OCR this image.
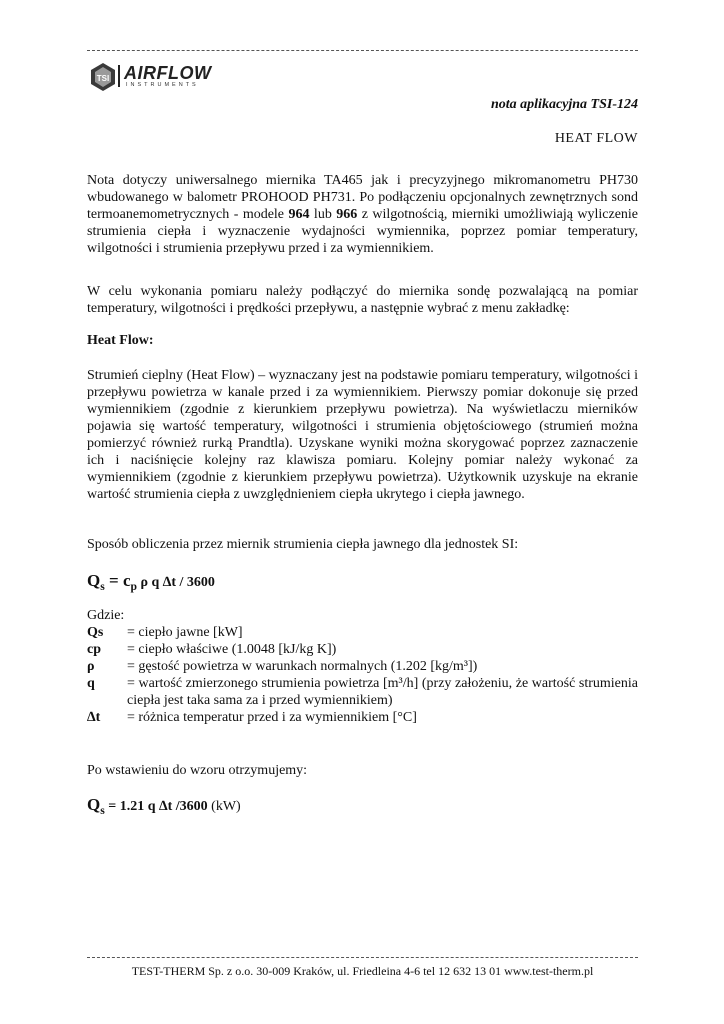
TSI AIRFLOW
INSTRUMENTS
nota aplikacyjna TSI-124
HEAT FLOW

Nota dotyczy uniwersalnego miernika TA465 jak i precyzyjnego mikromanometru PH730 wbudowanego w balometr PROHOOD PH731. Po podłączeniu opcjonalnych zewnętrznych sond termoanemometrycznych - modele 964 lub 966 z wilgotnością, mierniki umożliwiają wyliczenie strumienia ciepła i wyznaczenie wydajności wymiennika, poprzez pomiar temperatury, wilgotności i strumienia przepływu przed i za wymiennikiem.

W celu wykonania pomiaru należy podłączyć do miernika sondę pozwalającą na pomiar temperatury, wilgotności i prędkości przepływu, a następnie wybrać z menu zakładkę:

Heat Flow:

Strumień cieplny (Heat Flow) – wyznaczany jest na podstawie pomiaru temperatury, wilgotności i przepływu powietrza w kanale przed i za wymiennikiem. Pierwszy pomiar dokonuje się przed wymiennikiem (zgodnie z kierunkiem przepływu powietrza). Na wyświetlaczu mierników pojawia się wartość temperatury, wilgotności i strumienia objętościowego (strumień można pomierzyć również rurką Prandtla). Uzyskane wyniki można skorygować poprzez zaznaczenie ich i naciśnięcie kolejny raz klawisza pomiaru. Kolejny pomiar należy wykonać za wymiennikiem (zgodnie z kierunkiem przepływu powietrza). Użytkownik uzyskuje na ekranie wartość strumienia ciepła z uwzględnieniem ciepła ukrytego i ciepła jawnego.

Sposób obliczenia przez miernik strumienia ciepła jawnego dla jednostek SI:

$Q_s = c_p$ ρ q ∆t / 3600
Gdzie:
Qs	= ciepło jawne [kW]
cp	= ciepło właściwe (1.0048 [kJ/kg K])
ρ	= gęstość powietrza w warunkach normalnych (1.202 [kg/m³])
q	= wartość zmierzonego strumienia powietrza [m³/h] (przy założeniu, że wartość strumienia ciepła jest taka sama za i przed wymiennikiem)
∆t	= różnica temperatur przed i za wymiennikiem [°C]
Po wstawieniu do wzoru otrzymujemy:
$Q_s = 1.21$ q ∆t /3600 (kW)
TEST-THERM Sp. z o.o. 30-009 Kraków, ul. Friedleina 4-6 tel 12 632 13 01 www.test-therm.pl
